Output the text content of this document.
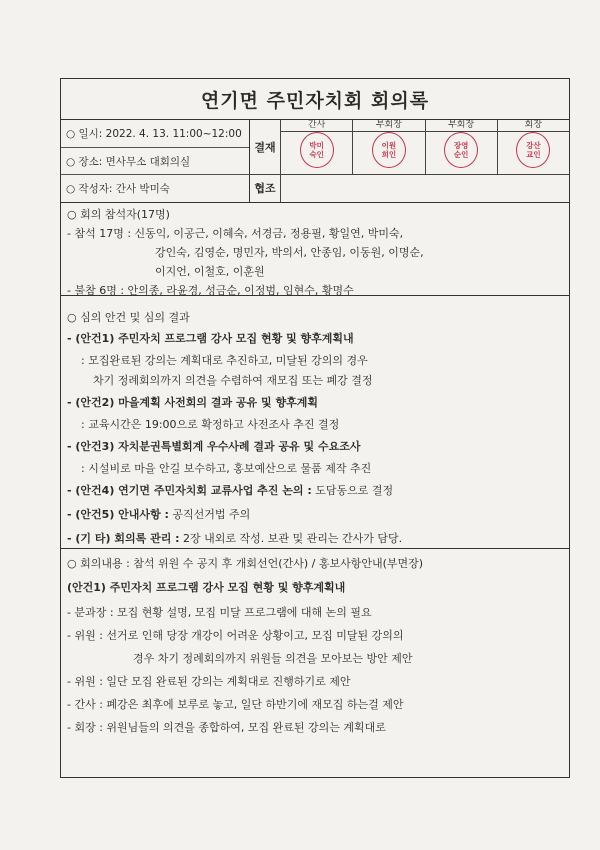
연기면 주민자치회 회의록
○ 일시: 2022. 4. 13. 11:00~12:00
○ 장소: 면사무소 대회의실
○ 작성자: 간사 박미숙
결재
협조
간사
박미
숙인
부회장
이원
희인
부회장
장영
순인
회장
강산
교인
○ 회의 참석자(17명)
- 참석 17명 : 신동익, 이공근, 이혜숙, 서경금, 정용필, 황일연, 박미숙,
강인숙, 김영순, 명민자, 박의서, 안종임, 이동원, 이명순,
이지언, 이철호, 이훈원
- 불참 6명 : 안의종, 라윤경, 성금순, 이정범, 임현수, 황명수
○ 심의 안건 및 심의 결과
- (안건1) 주민자치 프로그램 강사 모집 현황 및 향후계획내
: 모집완료된 강의는 계획대로 추진하고, 미달된 강의의 경우
차기 정례회의까지 의견을 수렴하여 재모집 또는 폐강 결정
- (안건2) 마을계획 사전회의 결과 공유 및 향후계획
: 교육시간은 19:00으로 확정하고 사전조사 추진 결정
- (안건3) 자치분권특별회계 우수사례 결과 공유 및 수요조사
: 시설비로 마을 안길 보수하고, 홍보예산으로 물품 제작 추진
- (안건4) 연기면 주민자치회 교류사업 추진 논의 : 도담동으로 결정
- (안건5) 안내사항 : 공직선거법 주의
- (기 타) 회의록 관리 : 2장 내외로 작성. 보관 및 관리는 간사가 담당.
○ 회의내용 : 참석 위원 수 공지 후 개회선언(간사) / 홍보사항안내(부면장)
(안건1) 주민자치 프로그램 강사 모집 현황 및 향후계획내
- 분과장 : 모집 현황 설명, 모집 미달 프로그램에 대해 논의 필요
- 위원 : 선거로 인해 당장 개강이 어려운 상황이고, 모집 미달된 강의의
경우 차기 정례회의까지 위원들 의견을 모아보는 방안 제안
- 위원 : 일단 모집 완료된 강의는 계획대로 진행하기로 제안
- 간사 : 폐강은 최후에 보루로 놓고, 일단 하반기에 재모집 하는걸 제안
- 회장 : 위원님들의 의견을 종합하여, 모집 완료된 강의는 계획대로
